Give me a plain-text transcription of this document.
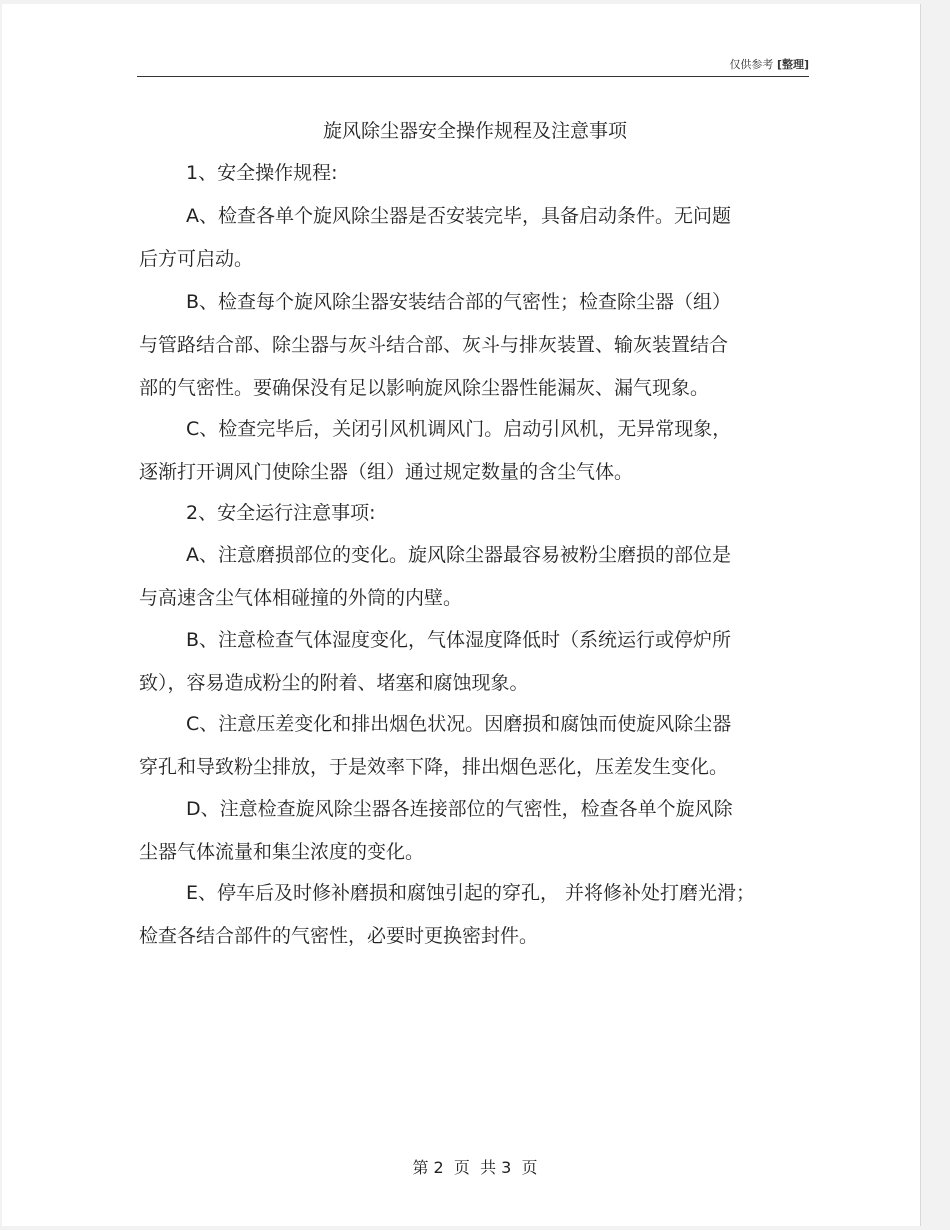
仅供参考 [整理]
旋风除尘器安全操作规程及注意事项
1、安全操作规程:
A、检查各单个旋风除尘器是否安装完毕，具备启动条件。无问题
后方可启动。
B、检查每个旋风除尘器安装结合部的气密性；检查除尘器（组）
与管路结合部、除尘器与灰斗结合部、灰斗与排灰装置、输灰装置结合
部的气密性。要确保没有足以影响旋风除尘器性能漏灰、漏气现象。
C、检查完毕后，关闭引风机调风门。启动引风机，无异常现象，
逐渐打开调风门使除尘器（组）通过规定数量的含尘气体。
2、安全运行注意事项:
A、注意磨损部位的变化。旋风除尘器最容易被粉尘磨损的部位是
与高速含尘气体相碰撞的外筒的内壁。
B、注意检查气体湿度变化，气体湿度降低时（系统运行或停炉所
致），容易造成粉尘的附着、堵塞和腐蚀现象。
C、注意压差变化和排出烟色状况。因磨损和腐蚀而使旋风除尘器
穿孔和导致粉尘排放，于是效率下降，排出烟色恶化，压差发生变化。
D、注意检查旋风除尘器各连接部位的气密性，检查各单个旋风除
尘器气体流量和集尘浓度的变化。
E、停车后及时修补磨损和腐蚀引起的穿孔， 并将修补处打磨光滑；
检查各结合部件的气密性，必要时更换密封件。
第 2  页  共 3  页
